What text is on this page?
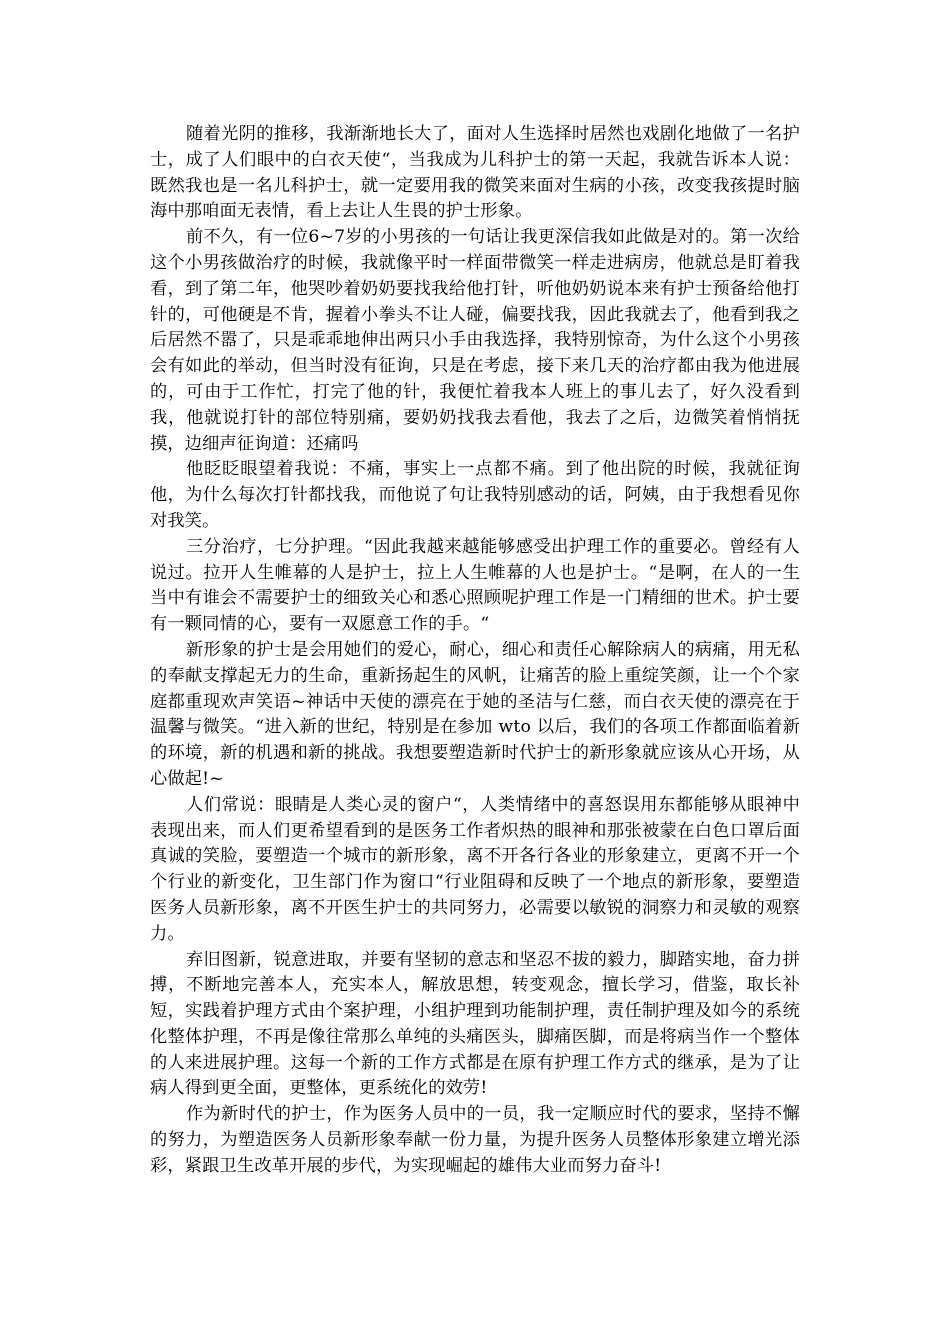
随着光阴的推移，我渐渐地长大了，面对人生选择时居然也戏剧化地做了一名护士，成了人们眼中的白衣天使“，当我成为儿科护士的第一天起，我就告诉本人说：既然我也是一名儿科护士，就一定要用我的微笑来面对生病的小孩，改变我孩提时脑海中那咱面无表情，看上去让人生畏的护士形象。

前不久，有一位6~7岁的小男孩的一句话让我更深信我如此做是对的。第一次给这个小男孩做治疗的时候，我就像平时一样面带微笑一样走进病房，他就总是盯着我看，到了第二年，他哭吵着奶奶要找我给他打针，听他奶奶说本来有护士预备给他打针的，可他硬是不肯，握着小拳头不让人碰，偏要找我，因此我就去了，他看到我之后居然不嚣了，只是乖乖地伸出两只小手由我选择，我特别惊奇，为什么这个小男孩会有如此的举动，但当时没有征询，只是在考虑，接下来几天的治疗都由我为他进展的，可由于工作忙，打完了他的针，我便忙着我本人班上的事儿去了，好久没看到我，他就说打针的部位特别痛，要奶奶找我去看他，我去了之后，边微笑着悄悄抚摸，边细声征询道：还痛吗

他眨眨眼望着我说：不痛，事实上一点都不痛。到了他出院的时候，我就征询他，为什么每次打针都找我，而他说了句让我特别感动的话，阿姨，由于我想看见你对我笑。

三分治疗，七分护理。“因此我越来越能够感受出护理工作的重要必。曾经有人说过。拉开人生帷幕的人是护士，拉上人生帷幕的人也是护士。“是啊，在人的一生当中有谁会不需要护士的细致关心和悉心照顾呢护理工作是一门精细的世术。护士要有一颗同情的心，要有一双愿意工作的手。“

新形象的护士是会用她们的爱心，耐心，细心和责任心解除病人的病痛，用无私的奉献支撑起无力的生命，重新扬起生的风帆，让痛苦的脸上重绽笑颜，让一个个家庭都重现欢声笑语~神话中天使的漂亮在于她的圣洁与仁慈，而白衣天使的漂亮在于温馨与微笑。“进入新的世纪，特别是在参加 wto 以后，我们的各项工作都面临着新的环境，新的机遇和新的挑战。我想要塑造新时代护士的新形象就应该从心开场，从心做起!~

人们常说：眼睛是人类心灵的窗户“，人类情绪中的喜怒误用东都能够从眼神中表现出来，而人们更希望看到的是医务工作者炽热的眼神和那张被蒙在白色口罩后面真诚的笑脸，要塑造一个城市的新形象，离不开各行各业的形象建立，更离不开一个个行业的新变化，卫生部门作为窗口“行业阻碍和反映了一个地点的新形象，要塑造医务人员新形象，离不开医生护士的共同努力，必需要以敏锐的洞察力和灵敏的观察力。

弃旧图新，锐意进取，并要有坚韧的意志和坚忍不拔的毅力，脚踏实地，奋力拼搏，不断地完善本人，充实本人，解放思想，转变观念，擅长学习，借鉴，取长补短，实践着护理方式由个案护理，小组护理到功能制护理，责任制护理及如今的系统化整体护理，不再是像往常那么单纯的头痛医头，脚痛医脚，而是将病当作一个整体的人来进展护理。这每一个新的工作方式都是在原有护理工作方式的继承，是为了让病人得到更全面，更整体，更系统化的效劳!

作为新时代的护士，作为医务人员中的一员，我一定顺应时代的要求，坚持不懈的努力，为塑造医务人员新形象奉献一份力量，为提升医务人员整体形象建立增光添彩，紧跟卫生改革开展的步代，为实现崛起的雄伟大业而努力奋斗!
